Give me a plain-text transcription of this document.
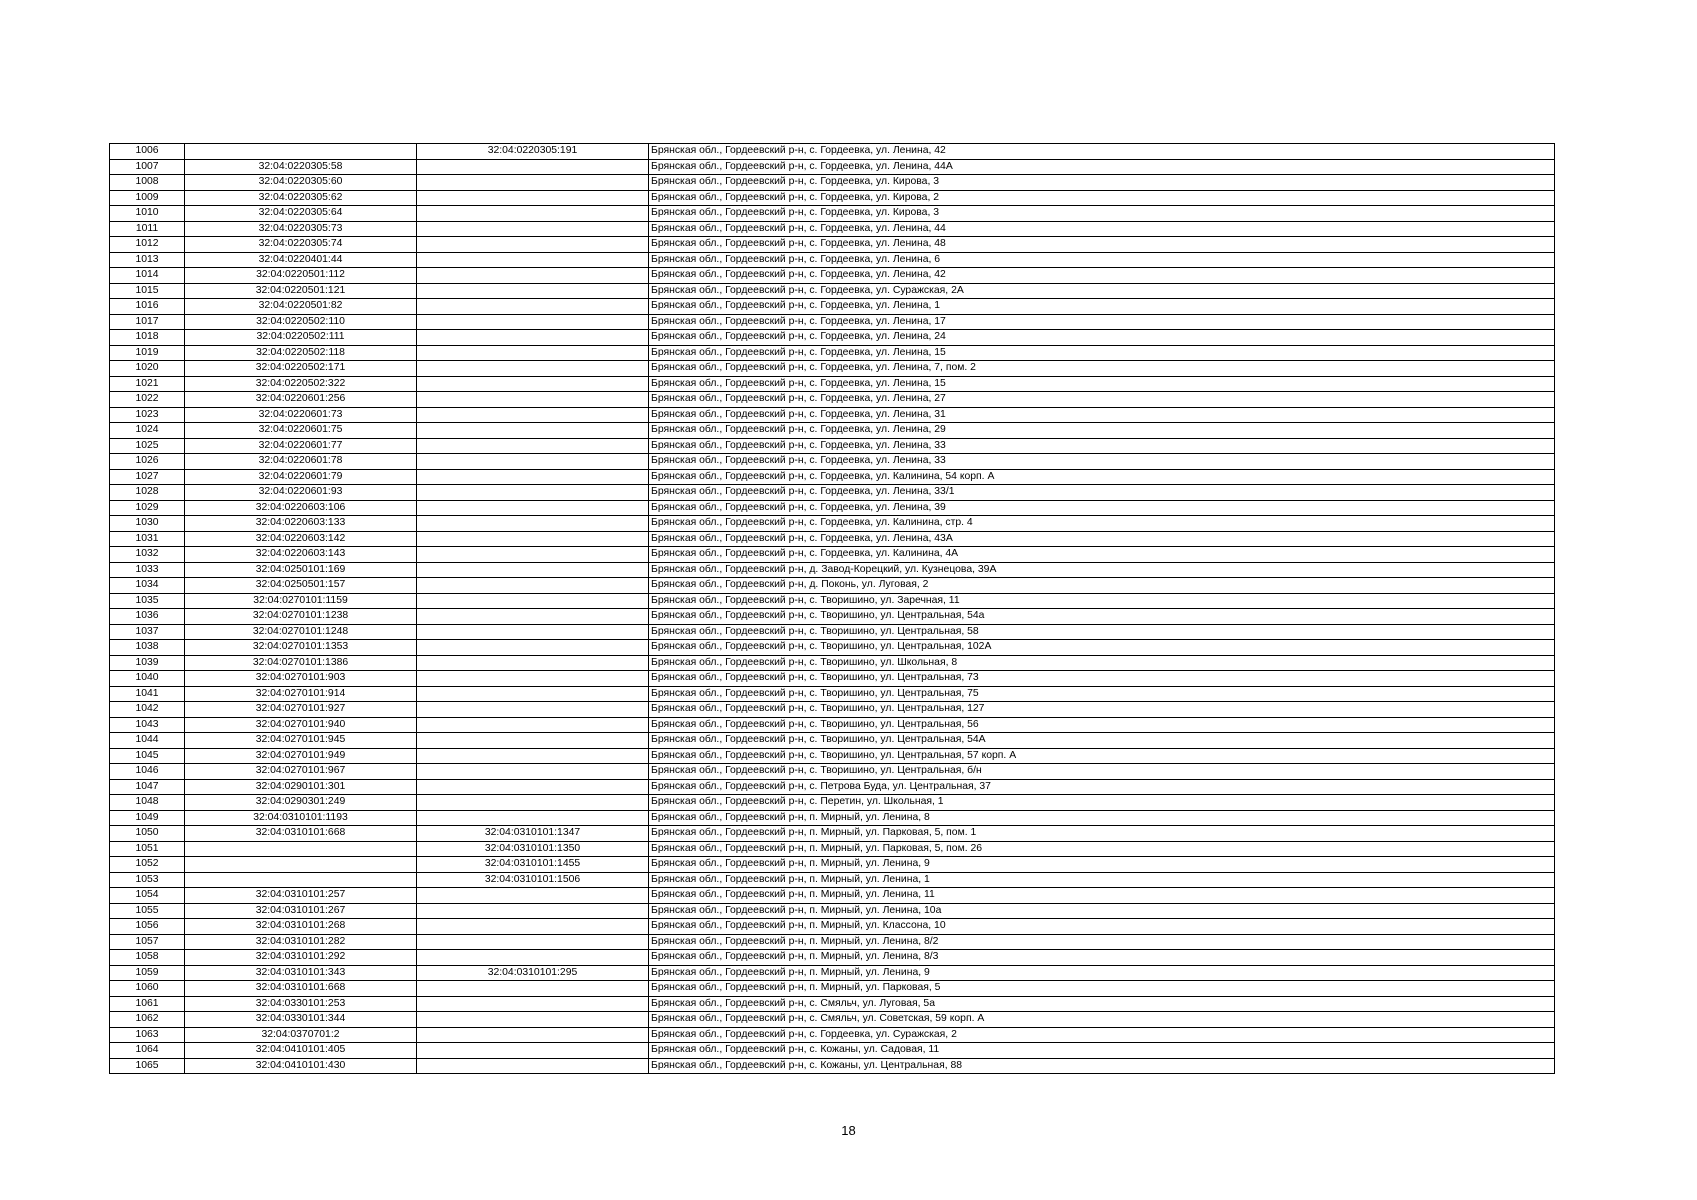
1006		32:04:0220305:191	Брянская обл., Гордеевский р-н, с. Гордеевка, ул. Ленина, 42
1007	32:04:0220305:58		Брянская обл., Гордеевский р-н, с. Гордеевка, ул. Ленина, 44А
1008	32:04:0220305:60		Брянская обл., Гордеевский р-н, с. Гордеевка, ул. Кирова, 3
1009	32:04:0220305:62		Брянская обл., Гордеевский р-н, с. Гордеевка, ул. Кирова, 2
1010	32:04:0220305:64		Брянская обл., Гордеевский р-н, с. Гордеевка, ул. Кирова, 3
1011	32:04:0220305:73		Брянская обл., Гордеевский р-н, с. Гордеевка, ул. Ленина, 44
1012	32:04:0220305:74		Брянская обл., Гордеевский р-н, с. Гордеевка, ул. Ленина, 48
1013	32:04:0220401:44		Брянская обл., Гордеевский р-н, с. Гордеевка, ул. Ленина, 6
1014	32:04:0220501:112		Брянская обл., Гордеевский р-н, с. Гордеевка, ул. Ленина, 42
1015	32:04:0220501:121		Брянская обл., Гордеевский р-н, с. Гордеевка, ул. Суражская, 2А
1016	32:04:0220501:82		Брянская обл., Гордеевский р-н, с. Гордеевка, ул. Ленина, 1
1017	32:04:0220502:110		Брянская обл., Гордеевский р-н, с. Гордеевка, ул. Ленина, 17
1018	32:04:0220502:111		Брянская обл., Гордеевский р-н, с. Гордеевка, ул. Ленина, 24
1019	32:04:0220502:118		Брянская обл., Гордеевский р-н, с. Гордеевка, ул. Ленина, 15
1020	32:04:0220502:171		Брянская обл., Гордеевский р-н, с. Гордеевка, ул. Ленина, 7, пом. 2
1021	32:04:0220502:322		Брянская обл., Гордеевский р-н, с. Гордеевка, ул. Ленина, 15
1022	32:04:0220601:256		Брянская обл., Гордеевский р-н, с. Гордеевка, ул. Ленина, 27
1023	32:04:0220601:73		Брянская обл., Гордеевский р-н, с. Гордеевка, ул. Ленина, 31
1024	32:04:0220601:75		Брянская обл., Гордеевский р-н, с. Гордеевка, ул. Ленина, 29
1025	32:04:0220601:77		Брянская обл., Гордеевский р-н, с. Гордеевка, ул. Ленина, 33
1026	32:04:0220601:78		Брянская обл., Гордеевский р-н, с. Гордеевка, ул. Ленина, 33
1027	32:04:0220601:79		Брянская обл., Гордеевский р-н, с. Гордеевка, ул. Калинина, 54 корп. А
1028	32:04:0220601:93		Брянская обл., Гордеевский р-н, с. Гордеевка, ул. Ленина, 33/1
1029	32:04:0220603:106		Брянская обл., Гордеевский р-н, с. Гордеевка, ул. Ленина, 39
1030	32:04:0220603:133		Брянская обл., Гордеевский р-н, с. Гордеевка, ул. Калинина, стр. 4
1031	32:04:0220603:142		Брянская обл., Гордеевский р-н, с. Гордеевка, ул. Ленина, 43А
1032	32:04:0220603:143		Брянская обл., Гордеевский р-н, с. Гордеевка, ул. Калинина, 4А
1033	32:04:0250101:169		Брянская обл., Гордеевский р-н, д. Завод-Корецкий, ул. Кузнецова, 39А
1034	32:04:0250501:157		Брянская обл., Гордеевский р-н, д. Поконь, ул. Луговая, 2
1035	32:04:0270101:1159		Брянская обл., Гордеевский р-н, с. Творишино, ул. Заречная, 11
1036	32:04:0270101:1238		Брянская обл., Гордеевский р-н, с. Творишино, ул. Центральная, 54а
1037	32:04:0270101:1248		Брянская обл., Гордеевский р-н, с. Творишино, ул. Центральная, 58
1038	32:04:0270101:1353		Брянская обл., Гордеевский р-н, с. Творишино, ул. Центральная, 102А
1039	32:04:0270101:1386		Брянская обл., Гордеевский р-н, с. Творишино, ул. Школьная, 8
1040	32:04:0270101:903		Брянская обл., Гордеевский р-н, с. Творишино, ул. Центральная, 73
1041	32:04:0270101:914		Брянская обл., Гордеевский р-н, с. Творишино, ул. Центральная, 75
1042	32:04:0270101:927		Брянская обл., Гордеевский р-н, с. Творишино, ул. Центральная, 127
1043	32:04:0270101:940		Брянская обл., Гордеевский р-н, с. Творишино, ул. Центральная, 56
1044	32:04:0270101:945		Брянская обл., Гордеевский р-н, с. Творишино, ул. Центральная, 54А
1045	32:04:0270101:949		Брянская обл., Гордеевский р-н, с. Творишино, ул. Центральная, 57 корп. А
1046	32:04:0270101:967		Брянская обл., Гордеевский р-н, с. Творишино, ул. Центральная, б/н
1047	32:04:0290101:301		Брянская обл., Гордеевский р-н, с. Петрова Буда, ул. Центральная, 37
1048	32:04:0290301:249		Брянская обл., Гордеевский р-н, с. Перетин, ул. Школьная, 1
1049	32:04:0310101:1193		Брянская обл., Гордеевский р-н, п. Мирный, ул. Ленина, 8
1050	32:04:0310101:668	32:04:0310101:1347	Брянская обл., Гордеевский р-н, п. Мирный, ул. Парковая, 5, пом. 1
1051		32:04:0310101:1350	Брянская обл., Гордеевский р-н, п. Мирный, ул. Парковая, 5, пом. 26
1052		32:04:0310101:1455	Брянская обл., Гордеевский р-н, п. Мирный, ул. Ленина, 9
1053		32:04:0310101:1506	Брянская обл., Гордеевский р-н, п. Мирный, ул. Ленина, 1
1054	32:04:0310101:257		Брянская обл., Гордеевский р-н, п. Мирный, ул. Ленина, 11
1055	32:04:0310101:267		Брянская обл., Гордеевский р-н, п. Мирный, ул. Ленина, 10а
1056	32:04:0310101:268		Брянская обл., Гордеевский р-н, п. Мирный, ул. Классона, 10
1057	32:04:0310101:282		Брянская обл., Гордеевский р-н, п. Мирный, ул. Ленина, 8/2
1058	32:04:0310101:292		Брянская обл., Гордеевский р-н, п. Мирный, ул. Ленина, 8/3
1059	32:04:0310101:343	32:04:0310101:295	Брянская обл., Гордеевский р-н, п. Мирный, ул. Ленина, 9
1060	32:04:0310101:668		Брянская обл., Гордеевский р-н, п. Мирный, ул. Парковая, 5
1061	32:04:0330101:253		Брянская обл., Гордеевский р-н, с. Смяльч, ул. Луговая, 5а
1062	32:04:0330101:344		Брянская обл., Гордеевский р-н, с. Смяльч, ул. Советская, 59 корп. А
1063	32:04:0370701:2		Брянская обл., Гордеевский р-н, с. Гордеевка, ул. Суражская, 2
1064	32:04:0410101:405		Брянская обл., Гордеевский р-н, с. Кожаны, ул. Садовая, 11
1065	32:04:0410101:430		Брянская обл., Гордеевский р-н, с. Кожаны, ул. Центральная, 88
18
